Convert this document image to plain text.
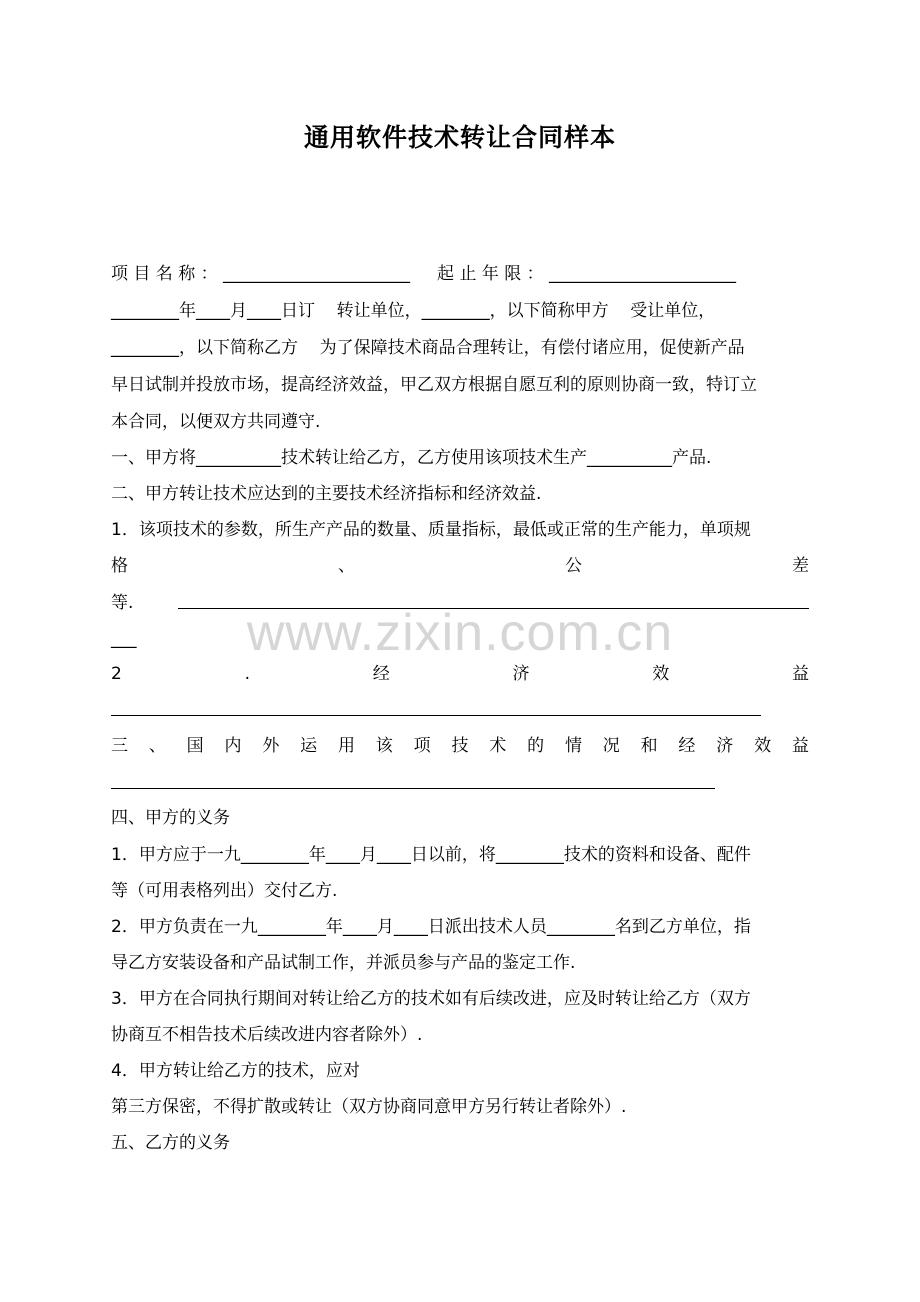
通用软件技术转让合同样本
www.zixin.com.cn
项 目 名 称 ： ______________________     起 止 年 限 ： ______________________
________年____月____日订    转让单位，________，以下简称甲方    受让单位，
________，以下简称乙方    为了保障技术商品合理转让，有偿付诸应用，促使新产品
早日试制并投放市场，提高经济效益，甲乙双方根据自愿互利的原则协商一致，特订立
本合同，以便双方共同遵守.
一、甲方将__________技术转让给乙方，乙方使用该项技术生产__________产品.
二、甲方转让技术应达到的主要技术经济指标和经济效益.
1．该项技术的参数，所生产产品的数量、质量指标，最低或正常的生产能力，单项规
格	、	公	差
等.
___
2	.	经	济	效	益
三 、 国 内 外 运 用 该 项 技 术 的 情 况 和 经 济 效 益
四、甲方的义务
1．甲方应于一九________年____月____日以前，将________技术的资料和设备、配件
等（可用表格列出）交付乙方.
2．甲方负责在一九________年____月____日派出技术人员________名到乙方单位，指
导乙方安装设备和产品试制工作，并派员参与产品的鉴定工作.
3．甲方在合同执行期间对转让给乙方的技术如有后续改进，应及时转让给乙方（双方
协商互不相告技术后续改进内容者除外）.
4．甲方转让给乙方的技术，应对
第三方保密，不得扩散或转让（双方协商同意甲方另行转让者除外）.
五、乙方的义务
